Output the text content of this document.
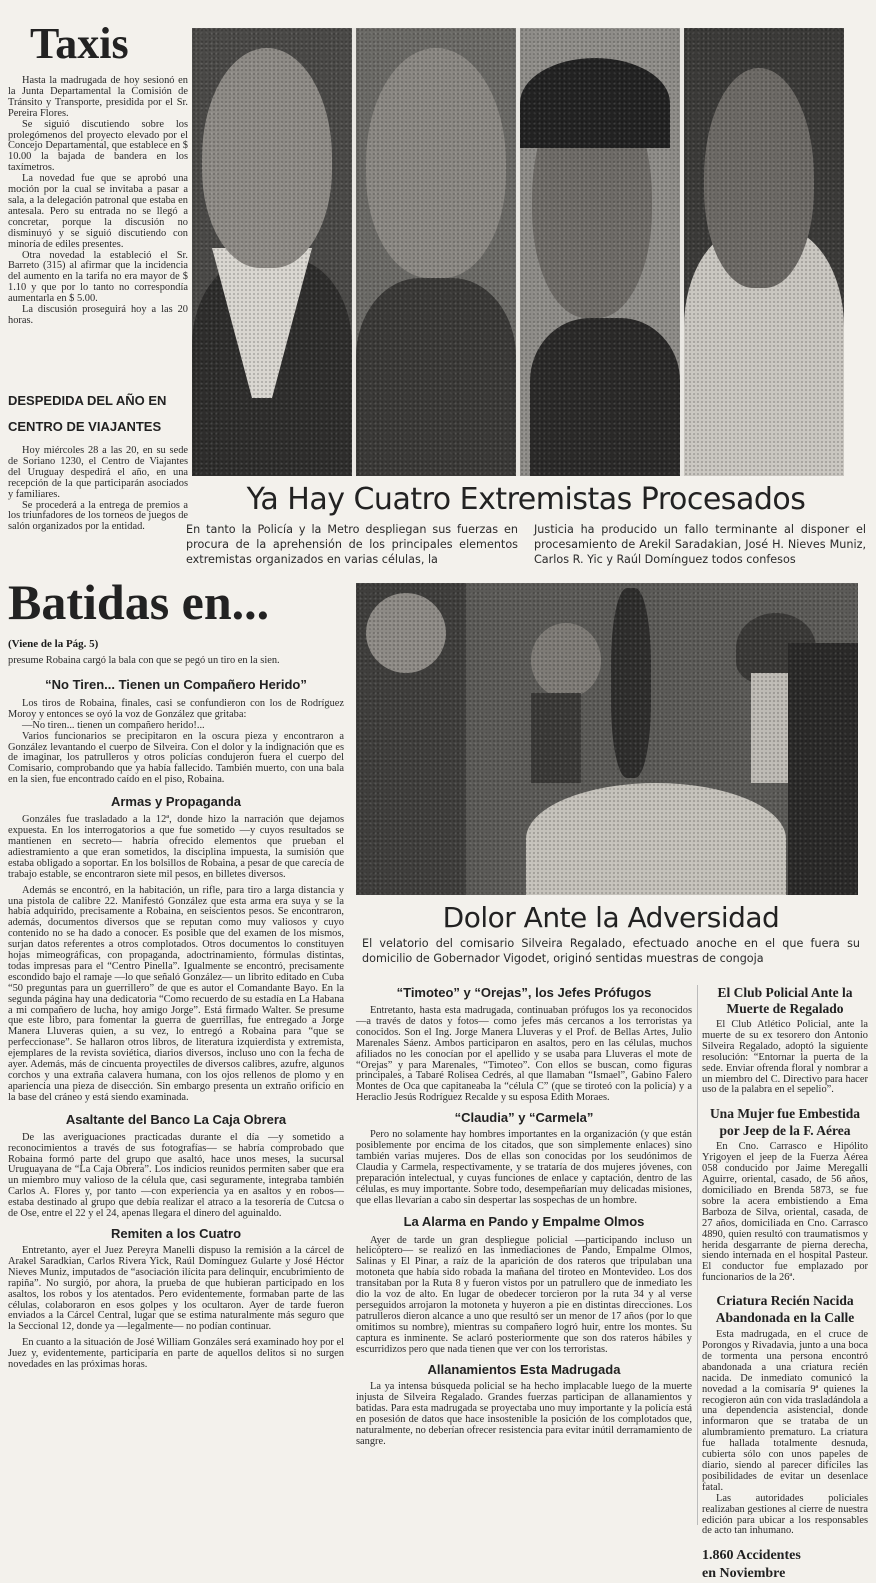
Taxis

Hasta la madrugada de hoy sesionó en la Junta Departamental la Comisión de Tránsito y Transporte, presidida por el Sr. Pereira Flores.

Se siguió discutiendo sobre los prolegómenos del proyecto elevado por el Concejo Departamental, que establece en $ 10.00 la bajada de bandera en los taxímetros.

La novedad fue que se aprobó una moción por la cual se invitaba a pasar a sala, a la delegación patronal que estaba en antesala. Pero su entrada no se llegó a concretar, porque la discusión no disminuyó y se siguió discutiendo con minoría de ediles presentes.

Otra novedad la estableció el Sr. Barreto (315) al afirmar que la incidencia del aumento en la tarifa no era mayor de $ 1.10 y que por lo tanto no correspondía aumentarla en $ 5.00.

La discusión proseguirá hoy a las 20 horas.

DESPEDIDA DEL AÑO EN
CENTRO DE VIAJANTES

Hoy miércoles 28 a las 20, en su sede de Soriano 1230, el Centro de Viajantes del Uruguay despedirá el año, en una recepción de la que participarán asociados y familiares.

Se procederá a la entrega de premios a los triunfadores de los torneos de juegos de salón organizados por la entidad.

Ya Hay Cuatro Extremistas Procesados
En tanto la Policía y la Metro despliegan sus fuerzas en procura de la aprehensión de los principales elementos extremistas organizados en varias células, la
Justicia ha producido un fallo terminante al disponer el procesamiento de Arekil Saradakian, José H. Nieves Muniz, Carlos R. Yic y Raúl Domínguez todos confesos
Batidas en...
(Viene de la Pág. 5)

presume Robaina cargó la bala con que se pegó un tiro en la sien.

“No Tiren... Tienen un Compañero Herido”

Los tiros de Robaina, finales, casi se confundieron con los de Rodríguez Moroy y entonces se oyó la voz de González que gritaba:

—No tiren... tienen un compañero herido!...

Varios funcionarios se precipitaron en la oscura pieza y encontraron a González levantando el cuerpo de Silveira. Con el dolor y la indignación que es de imaginar, los patrulleros y otros policías condujeron fuera el cuerpo del Comisario, comprobando que ya había fallecido. También muerto, con una bala en la sien, fue encontrado caído en el piso, Robaina.

Armas y Propaganda

Gonzáles fue trasladado a la 12ª, donde hizo la narración que dejamos expuesta. En los interrogatorios a que fue sometido —y cuyos resultados se mantienen en secreto— habría ofrecido elementos que prueban el adiestramiento a que eran sometidos, la disciplina impuesta, la sumisión que estaba obligado a soportar. En los bolsillos de Robaina, a pesar de que carecía de trabajo estable, se encontraron siete mil pesos, en billetes diversos.

Además se encontró, en la habitación, un rifle, para tiro a larga distancia y una pistola de calibre 22. Manifestó González que esta arma era suya y se la había adquirido, precisamente a Robaina, en seiscientos pesos. Se encontraron, además, documentos diversos que se reputan como muy valiosos y cuyo contenido no se ha dado a conocer. Es posible que del examen de los mismos, surjan datos referentes a otros complotados. Otros documentos lo constituyen hojas mimeográficas, con propaganda, adoctrinamiento, fórmulas distintas, todas impresas para el “Centro Pinella”. Igualmente se encontró, precisamente escondido bajo el ramaje —lo que señaló González— un librito editado en Cuba “50 preguntas para un guerrillero” de que es autor el Comandante Bayo. En la segunda página hay una dedicatoria “Como recuerdo de su estadía en La Habana a mi compañero de lucha, hoy amigo Jorge”. Está firmado Walter. Se presume que este libro, para fomentar la guerra de guerrillas, fue entregado a Jorge Manera Lluveras quien, a su vez, lo entregó a Robaina para “que se perfeccionase”. Se hallaron otros libros, de literatura izquierdista y extremista, ejemplares de la revista soviética, diarios diversos, incluso uno con la fecha de ayer. Además, más de cincuenta proyectiles de diversos calibres, azufre, algunos corchos y una extraña calavera humana, con los ojos rellenos de plomo y en apariencia una pieza de disección. Sin embargo presenta un extraño orificio en la base del cráneo y está siendo examinada.

Asaltante del Banco La Caja Obrera

De las averiguaciones practicadas durante el día —y sometido a reconocimientos a través de sus fotografías— se habría comprobado que Robaina formó parte del grupo que asaltó, hace unos meses, la sucursal Uruguayana de “La Caja Obrera”. Los indicios reunidos permiten saber que era un miembro muy valioso de la célula que, casi seguramente, integraba también Carlos A. Flores y, por tanto —con experiencia ya en asaltos y en robos— estaba destinado al grupo que debía realizar el atraco a la tesorería de Cutcsa o de Ose, entre el 22 y el 24, apenas llegara el dinero del aguinaldo.

Remiten a los Cuatro

Entretanto, ayer el Juez Pereyra Manelli dispuso la remisión a la cárcel de Arakel Saradkian, Carlos Rivera Yick, Raúl Domínguez Gularte y José Héctor Nieves Muniz, imputados de “asociación ilícita para delinquir, encubrimiento de rapiña”. No surgió, por ahora, la prueba de que hubieran participado en los asaltos, los robos y los atentados. Pero evidentemente, formaban parte de las células, colaboraron en esos golpes y los ocultaron. Ayer de tarde fueron enviados a la Cárcel Central, lugar que se estima naturalmente más seguro que la Seccional 12, donde ya —legalmente— no podían continuar.

En cuanto a la situación de José William Gonzáles será examinado hoy por el Juez y, evidentemente, participaría en parte de aquellos delitos si no surgen novedades en las próximas horas.

Dolor Ante la Adversidad
El velatorio del comisario Silveira Regalado, efectuado anoche en el que fuera su domicilio de Gobernador Vigodet, originó sentidas muestras de congoja
“Timoteo” y “Orejas”, los Jefes Prófugos

Entretanto, hasta esta madrugada, continuaban prófugos los ya reconocidos —a través de datos y fotos— como jefes más cercanos a los terroristas ya conocidos. Son el Ing. Jorge Manera Lluveras y el Prof. de Bellas Artes, Julio Marenales Sáenz. Ambos participaron en asaltos, pero en las células, muchos afiliados no les conocían por el apellido y se usaba para Lluveras el mote de “Orejas” y para Marenales, “Timoteo”. Con ellos se buscan, como figuras principales, a Tabaré Rolisea Cedrés, al que llamaban “Ismael”, Gabino Falero Montes de Oca que capitaneaba la “célula C” (que se tiroteó con la policía) y a Heraclio Jesús Rodríguez Recalde y su esposa Edith Moraes.

“Claudia” y “Carmela”

Pero no solamente hay hombres importantes en la organización (y que están posiblemente por encima de los citados, que son simplemente enlaces) sino también varias mujeres. Dos de ellas son conocidas por los seudónimos de Claudia y Carmela, respectivamente, y se trataría de dos mujeres jóvenes, con preparación intelectual, y cuyas funciones de enlace y captación, dentro de las células, es muy importante. Sobre todo, desempeñarían muy delicadas misiones, que ellas llevarían a cabo sin despertar las sospechas de un hombre.

La Alarma en Pando y Empalme Olmos

Ayer de tarde un gran despliegue policial —participando incluso un helicóptero— se realizó en las inmediaciones de Pando, Empalme Olmos, Salinas y El Pinar, a raíz de la aparición de dos rateros que tripulaban una motoneta que había sido robada la mañana del tiroteo en Montevideo. Los dos transitaban por la Ruta 8 y fueron vistos por un patrullero que de inmediato les dio la voz de alto. En lugar de obedecer torcieron por la ruta 34 y al verse perseguidos arrojaron la motoneta y huyeron a pie en distintas direcciones. Los patrulleros dieron alcance a uno que resultó ser un menor de 17 años (por lo que omitimos su nombre), mientras su compañero logró huir, entre los montes. Su captura es inminente. Se aclaró posteriormente que son dos rateros hábiles y escurridizos pero que nada tienen que ver con los terroristas.

Allanamientos Esta Madrugada

La ya intensa búsqueda policial se ha hecho implacable luego de la muerte injusta de Silveira Regalado. Grandes fuerzas participan de allanamientos y batidas. Para esta madrugada se proyectaba uno muy importante y la policía está en posesión de datos que hace insostenible la posición de los complotados que, naturalmente, no deberían ofrecer resistencia para evitar inútil derramamiento de sangre.

El Club Policial Ante la Muerte de Regalado

El Club Atlético Policial, ante la muerte de su ex tesorero don Antonio Silveira Regalado, adoptó la siguiente resolución: “Entornar la puerta de la sede. Enviar ofrenda floral y nombrar a un miembro del C. Directivo para hacer uso de la palabra en el sepelio”.

Una Mujer fue Embestida por Jeep de la F. Aérea

En Cno. Carrasco e Hipólito Yrigoyen el jeep de la Fuerza Aérea 058 conducido por Jaime Meregalli Aguirre, oriental, casado, de 56 años, domiciliado en Brenda 5873, se fue sobre la acera embistiendo a Ema Barboza de Silva, oriental, casada, de 27 años, domiciliada en Cno. Carrasco 4890, quien resultó con traumatismos y herida desgarrante de pierna derecha, siendo internada en el hospital Pasteur. El conductor fue emplazado por funcionarios de la 26ª.

Criatura Recién Nacida Abandonada en la Calle

Esta madrugada, en el cruce de Porongos y Rivadavia, junto a una boca de tormenta una persona encontró abandonada a una criatura recién nacida. De inmediato comunicó la novedad a la comisaría 9ª quienes la recogieron aún con vida trasladándola a una dependencia asistencial, donde informaron que se trataba de un alumbramiento prematuro. La criatura fue hallada totalmente desnuda, cubierta sólo con unos papeles de diario, siendo al parecer difíciles las posibilidades de evitar un desenlace fatal.

Las autoridades policiales realizaban gestiones al cierre de nuestra edición para ubicar a los responsables de acto tan inhumano.

1.860 Accidentes en Noviembre
